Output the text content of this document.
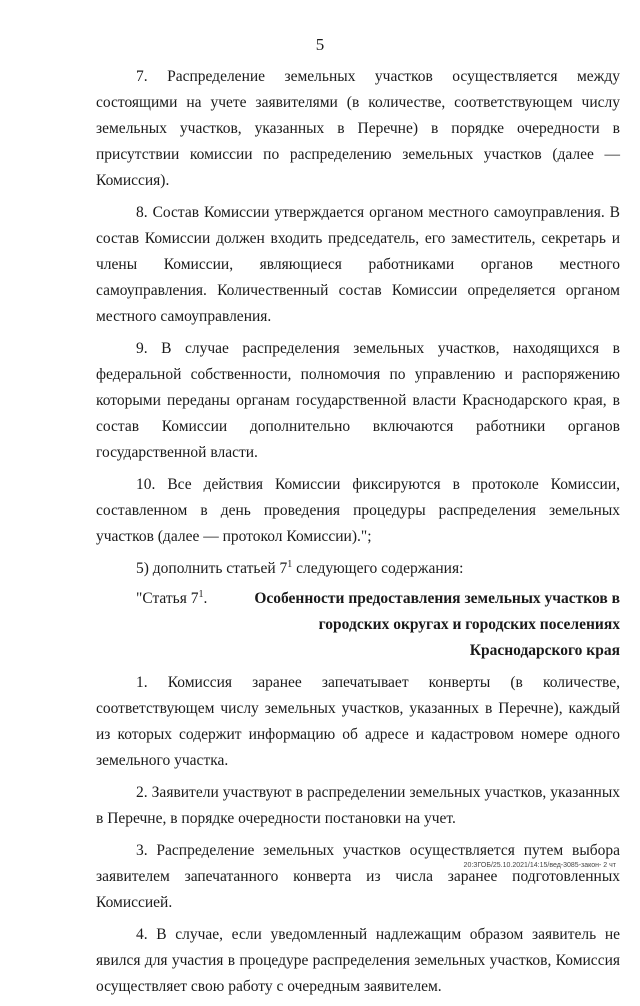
5

7. Распределение земельных участков осуществляется между состоящими на учете заявителями (в количестве, соответствующем числу земельных участков, указанных в Перечне) в порядке очередности в присутствии комиссии по распределению земельных участков (далее — Комиссия).

8. Состав Комиссии утверждается органом местного самоуправления. В состав Комиссии должен входить председатель, его заместитель, секретарь и члены Комиссии, являющиеся работниками органов местного самоуправления. Количественный состав Комиссии определяется органом местного самоуправления.

9. В случае распределения земельных участков, находящихся в федеральной собственности, полномочия по управлению и распоряжению которыми переданы органам государственной власти Краснодарского края, в состав Комиссии дополнительно включаются работники органов государственной власти.

10. Все действия Комиссии фиксируются в протоколе Комиссии, составленном в день проведения процедуры распределения земельных участков (далее — протокол Комиссии).";

5) дополнить статьей $7^1$ следующего содержания:

"Статья $7^1$.	Особенности предоставления земельных участков в городских округах и городских поселениях Краснодарского края

1. Комиссия заранее запечатывает конверты (в количестве, соответствующем числу земельных участков, указанных в Перечне), каждый из которых содержит информацию об адресе и кадастровом номере одного земельного участка.

2. Заявители участвуют в распределении земельных участков, указанных в Перечне, в порядке очередности постановки на учет.

3. Распределение земельных участков осуществляется путем выбора заявителем запечатанного конверта из числа заранее подготовленных Комиссией.

4. В случае, если уведомленный надлежащим образом заявитель не явился для участия в процедуре распределения земельных участков, Комиссия осуществляет свою работу с очередным заявителем.

20:ЗГОБ/25.10.2021/14:15/вед-3085-закон- 2 чт
